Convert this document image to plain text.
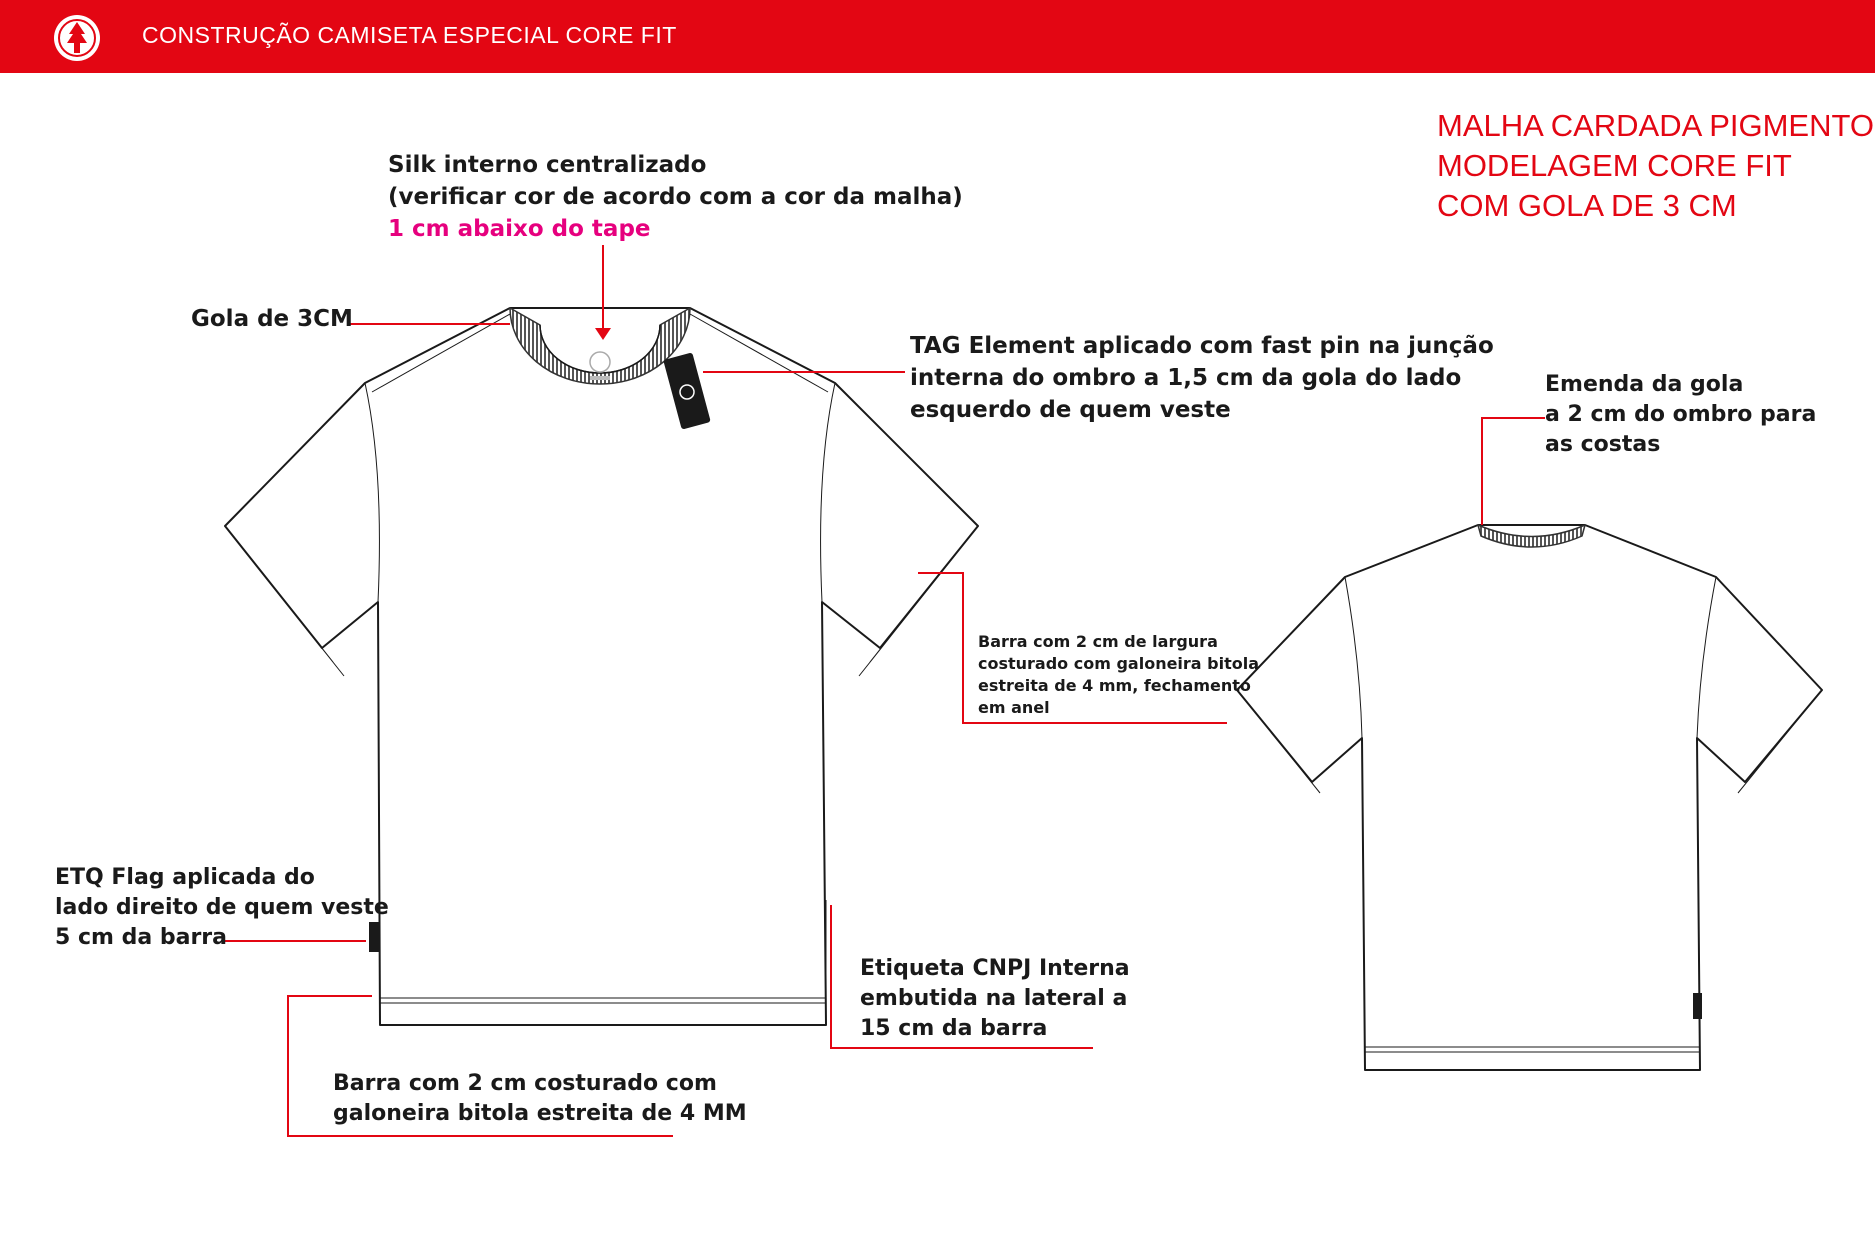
CONSTRUÇÃO CAMISETA ESPECIAL CORE FIT
MALHA CARDADA PIGMENTO
MODELAGEM CORE FIT
COM GOLA DE 3 CM
Silk interno centralizado
(verificar cor de acordo com a cor da malha)
1 cm abaixo do tape
Gola de 3CM
TAG Element aplicado com fast pin na junção
interna do ombro a 1,5 cm da gola do lado
esquerdo de quem veste
Emenda da gola
a 2 cm do ombro para
as costas
Barra com 2 cm de largura
costurado com galoneira bitola
estreita de 4 mm, fechamento
em anel
ETQ Flag aplicada do
lado direito de quem veste
5 cm da barra
Etiqueta CNPJ Interna
embutida na lateral a
15 cm da barra
Barra com 2 cm costurado com
galoneira bitola estreita de 4 MM
